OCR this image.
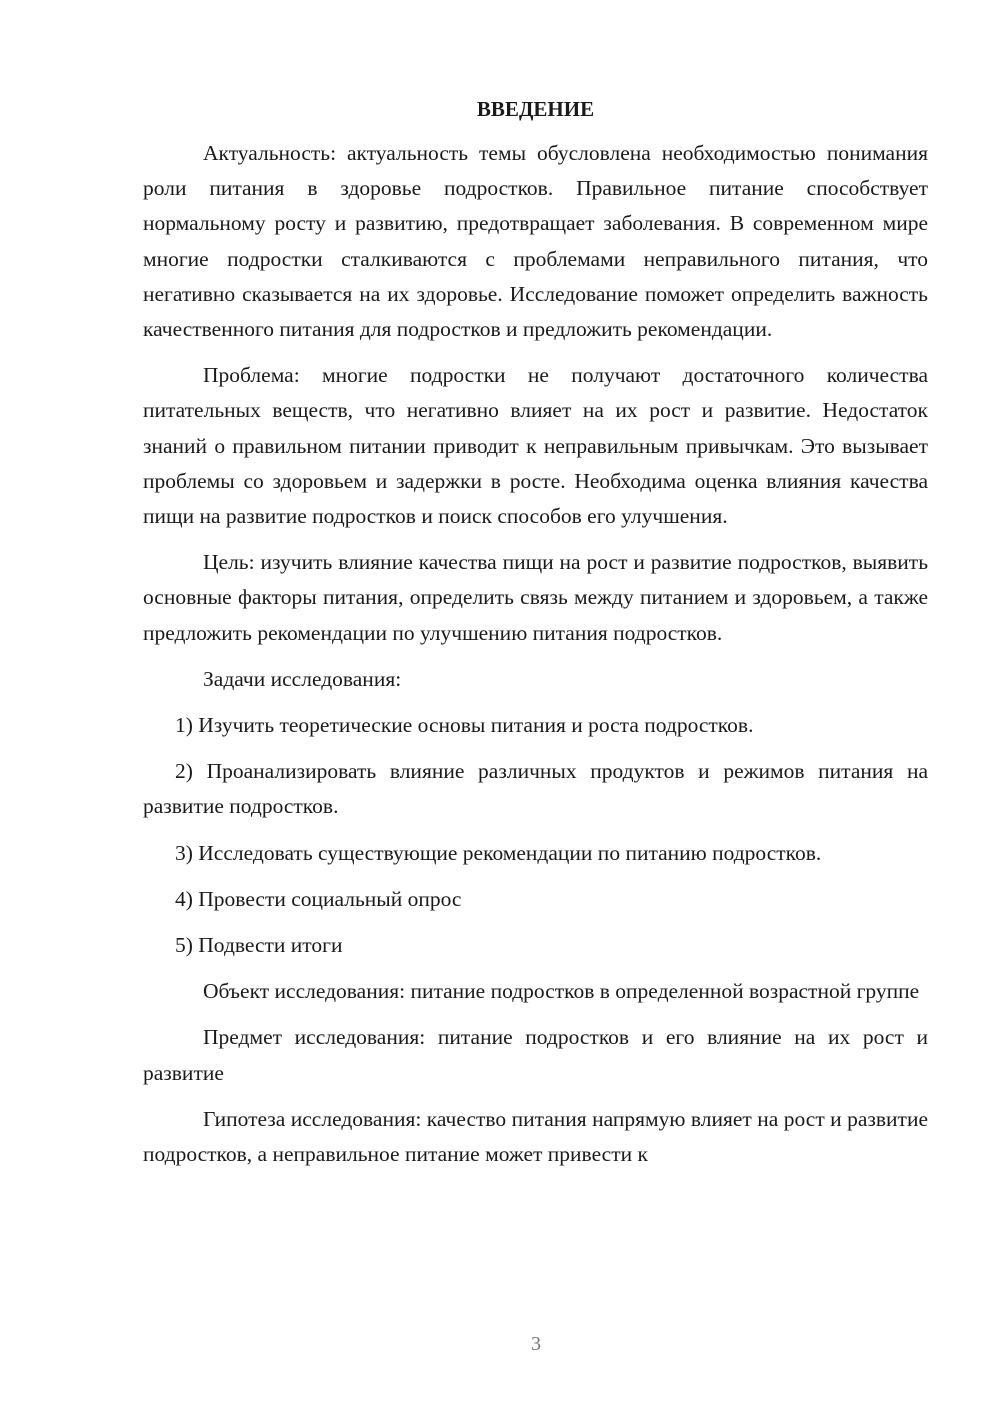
ВВЕДЕНИЕ

Актуальность: актуальность темы обусловлена необходимостью понимания роли питания в здоровье подростков. Правильное питание способствует нормальному росту и развитию, предотвращает заболевания. В современном мире многие подростки сталкиваются с проблемами неправильного питания, что негативно сказывается на их здоровье. Исследование поможет определить важность качественного питания для подростков и предложить рекомендации.

Проблема: многие подростки не получают достаточного количества питательных веществ, что негативно влияет на их рост и развитие. Недостаток знаний о правильном питании приводит к неправильным привычкам. Это вызывает проблемы со здоровьем и задержки в росте. Необходима оценка влияния качества пищи на развитие подростков и поиск способов его улучшения.

Цель: изучить влияние качества пищи на рост и развитие подростков, выявить основные факторы питания, определить связь между питанием и здоровьем, а также предложить рекомендации по улучшению питания подростков.

Задачи исследования:

1) Изучить теоретические основы питания и роста подростков.

2) Проанализировать влияние различных продуктов и режимов питания на развитие подростков.

3) Исследовать существующие рекомендации по питанию подростков.

4) Провести социальный опрос

5) Подвести итоги

Объект исследования: питание подростков в определенной возрастной группе

Предмет исследования: питание подростков и его влияние на их рост и развитие

Гипотеза исследования: качество питания напрямую влияет на рост и развитие подростков, а неправильное питание может привести к

3
